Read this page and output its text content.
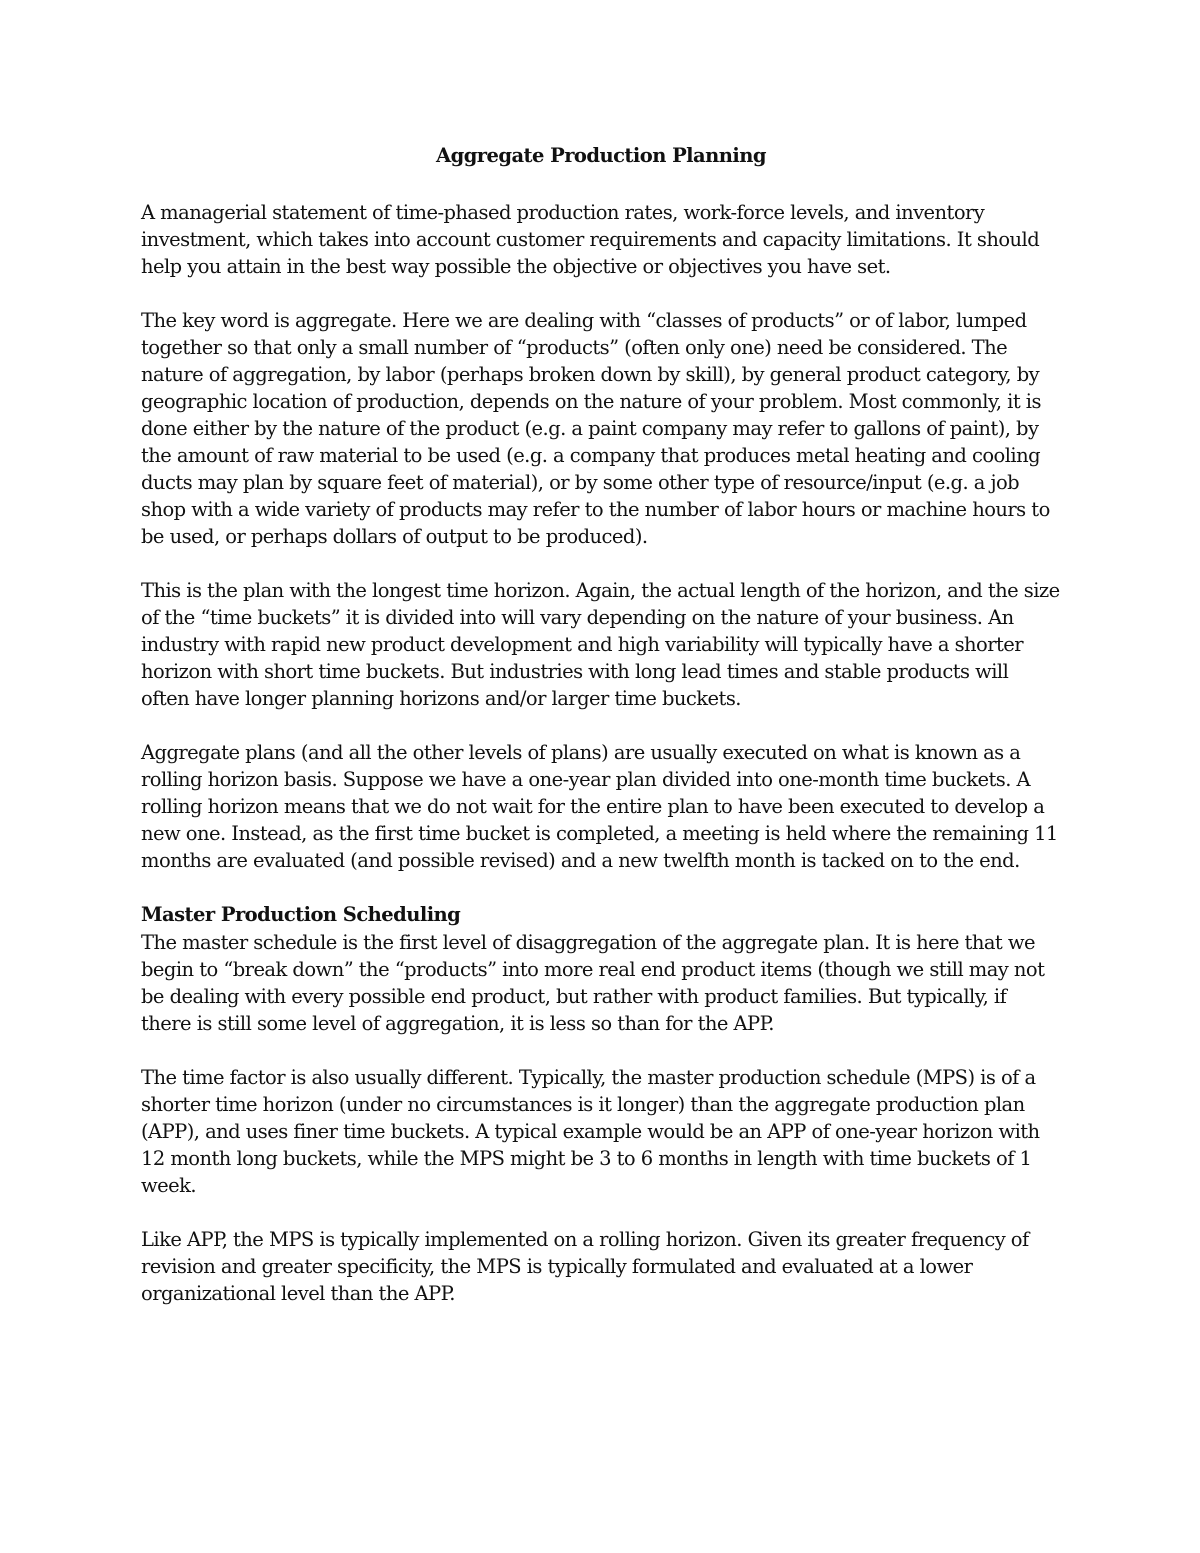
Aggregate Production Planning

A managerial statement of time-phased production rates, work-force levels, and inventory investment, which takes into account customer requirements and capacity limitations. It should help you attain in the best way possible the objective or objectives you have set.

The key word is aggregate. Here we are dealing with “classes of products” or of labor, lumped together so that only a small number of “products” (often only one) need be considered. The nature of aggregation, by labor (perhaps broken down by skill), by general product category, by geographic location of production, depends on the nature of your problem. Most commonly, it is done either by the nature of the product (e.g. a paint company may refer to gallons of paint), by the amount of raw material to be used (e.g. a company that produces metal heating and cooling ducts may plan by square feet of material), or by some other type of resource/input (e.g. a job shop with a wide variety of products may refer to the number of labor hours or machine hours to be used, or perhaps dollars of output to be produced).

This is the plan with the longest time horizon. Again, the actual length of the horizon, and the size of the “time buckets” it is divided into will vary depending on the nature of your business. An industry with rapid new product development and high variability will typically have a shorter horizon with short time buckets. But industries with long lead times and stable products will often have longer planning horizons and/or larger time buckets.

Aggregate plans (and all the other levels of plans) are usually executed on what is known as a rolling horizon basis. Suppose we have a one-year plan divided into one-month time buckets. A rolling horizon means that we do not wait for the entire plan to have been executed to develop a new one. Instead, as the first time bucket is completed, a meeting is held where the remaining 11 months are evaluated (and possible revised) and a new twelfth month is tacked on to the end.

Master Production Scheduling

The master schedule is the first level of disaggregation of the aggregate plan. It is here that we begin to “break down” the “products” into more real end product items (though we still may not be dealing with every possible end product, but rather with product families. But typically, if there is still some level of aggregation, it is less so than for the APP.

The time factor is also usually different. Typically, the master production schedule (MPS) is of a shorter time horizon (under no circumstances is it longer) than the aggregate production plan (APP), and uses finer time buckets. A typical example would be an APP of one-year horizon with 12 month long buckets, while the MPS might be 3 to 6 months in length with time buckets of 1 week.

Like APP, the MPS is typically implemented on a rolling horizon. Given its greater frequency of revision and greater specificity, the MPS is typically formulated and evaluated at a lower organizational level than the APP.
